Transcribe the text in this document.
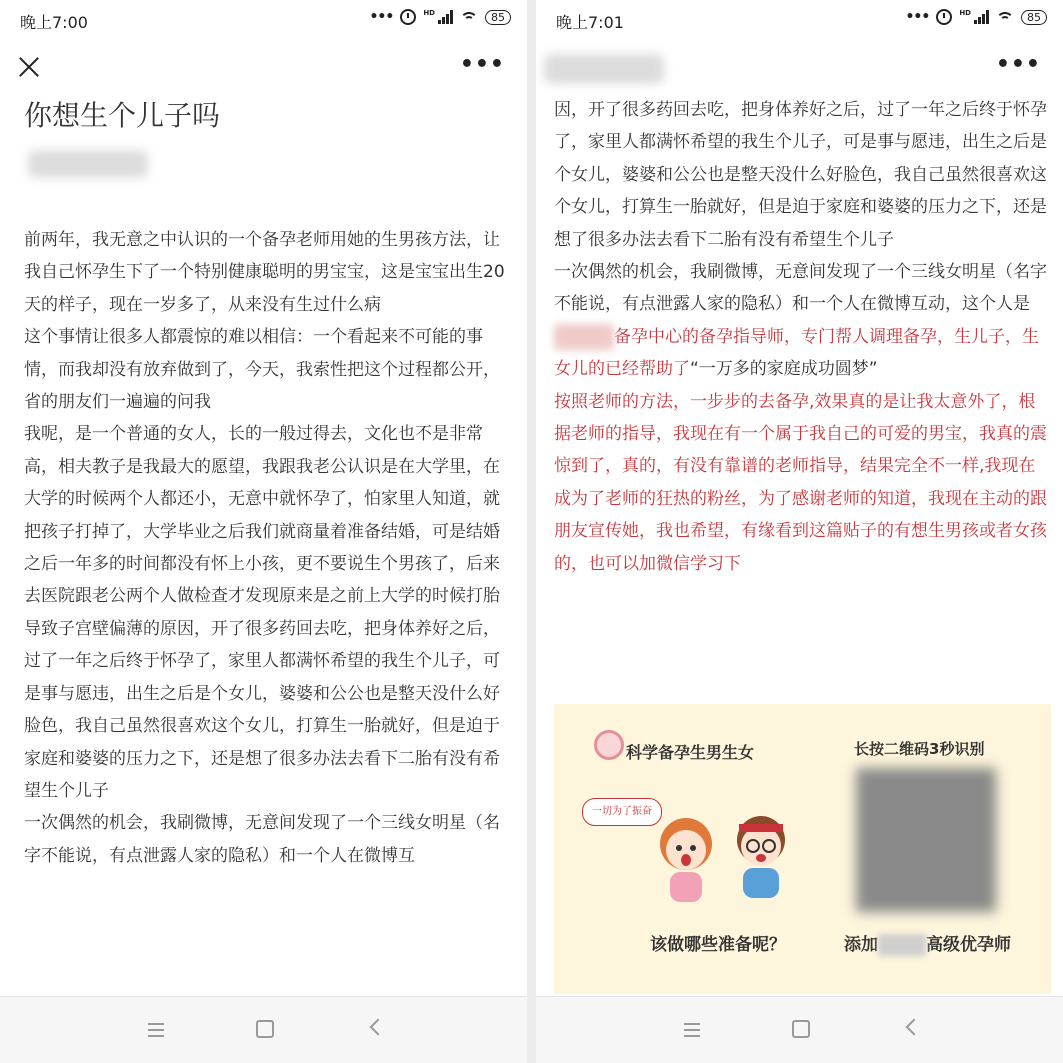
晚上7:00	•••	HD	85
•••
你想生个儿子吗

前两年，我无意之中认识的一个备孕老师用她的生男孩方法，让我自己怀孕生下了一个特别健康聪明的男宝宝，这是宝宝出生20天的样子，现在一岁多了，从来没有生过什么病

这个事情让很多人都震惊的难以相信：一个看起来不可能的事情，而我却没有放弃做到了，今天，我索性把这个过程都公开，省的朋友们一遍遍的问我

我呢，是一个普通的女人，长的一般过得去，文化也不是非常高，相夫教子是我最大的愿望，我跟我老公认识是在大学里，在大学的时候两个人都还小，无意中就怀孕了，怕家里人知道，就把孩子打掉了，大学毕业之后我们就商量着准备结婚，可是结婚之后一年多的时间都没有怀上小孩，更不要说生个男孩了，后来去医院跟老公两个人做检查才发现原来是之前上大学的时候打胎导致子宫壁偏薄的原因，开了很多药回去吃，把身体养好之后，过了一年之后终于怀孕了，家里人都满怀希望的我生个儿子，可是事与愿违，出生之后是个女儿，婆婆和公公也是整天没什么好脸色，我自己虽然很喜欢这个女儿，打算生一胎就好，但是迫于家庭和婆婆的压力之下，还是想了很多办法去看下二胎有没有希望生个儿子

一次偶然的机会，我刷微博，无意间发现了一个三线女明星（名字不能说，有点泄露人家的隐私）和一个人在微博互

晚上7:01	•••	HD	85
•••

因，开了很多药回去吃，把身体养好之后，过了一年之后终于怀孕了，家里人都满怀希望的我生个儿子，可是事与愿违，出生之后是个女儿，婆婆和公公也是整天没什么好脸色，我自己虽然很喜欢这个女儿，打算生一胎就好，但是迫于家庭和婆婆的压力之下，还是想了很多办法去看下二胎有没有希望生个儿子

一次偶然的机会，我刷微博，无意间发现了一个三线女明星（名字不能说，有点泄露人家的隐私）和一个人在微博互动，这个人是备孕中心的备孕指导师，专门帮人调理备孕，生儿子，生女儿的已经帮助了“一万多的家庭成功圆梦”

按照老师的方法，一步步的去备孕,效果真的是让我太意外了，根据老师的指导，我现在有一个属于我自己的可爱的男宝，我真的震惊到了，真的，有没有靠谱的老师指导，结果完全不一样,我现在成为了老师的狂热的粉丝，为了感谢老师的知道，我现在主动的跟朋友宣传她，我也希望，有缘看到这篇贴子的有想生男孩或者女孩的，也可以加微信学习下

科学备孕生男生女	长按二维码3秒识别
一切为了振奋
该做哪些准备呢？	添加	高级优孕师
